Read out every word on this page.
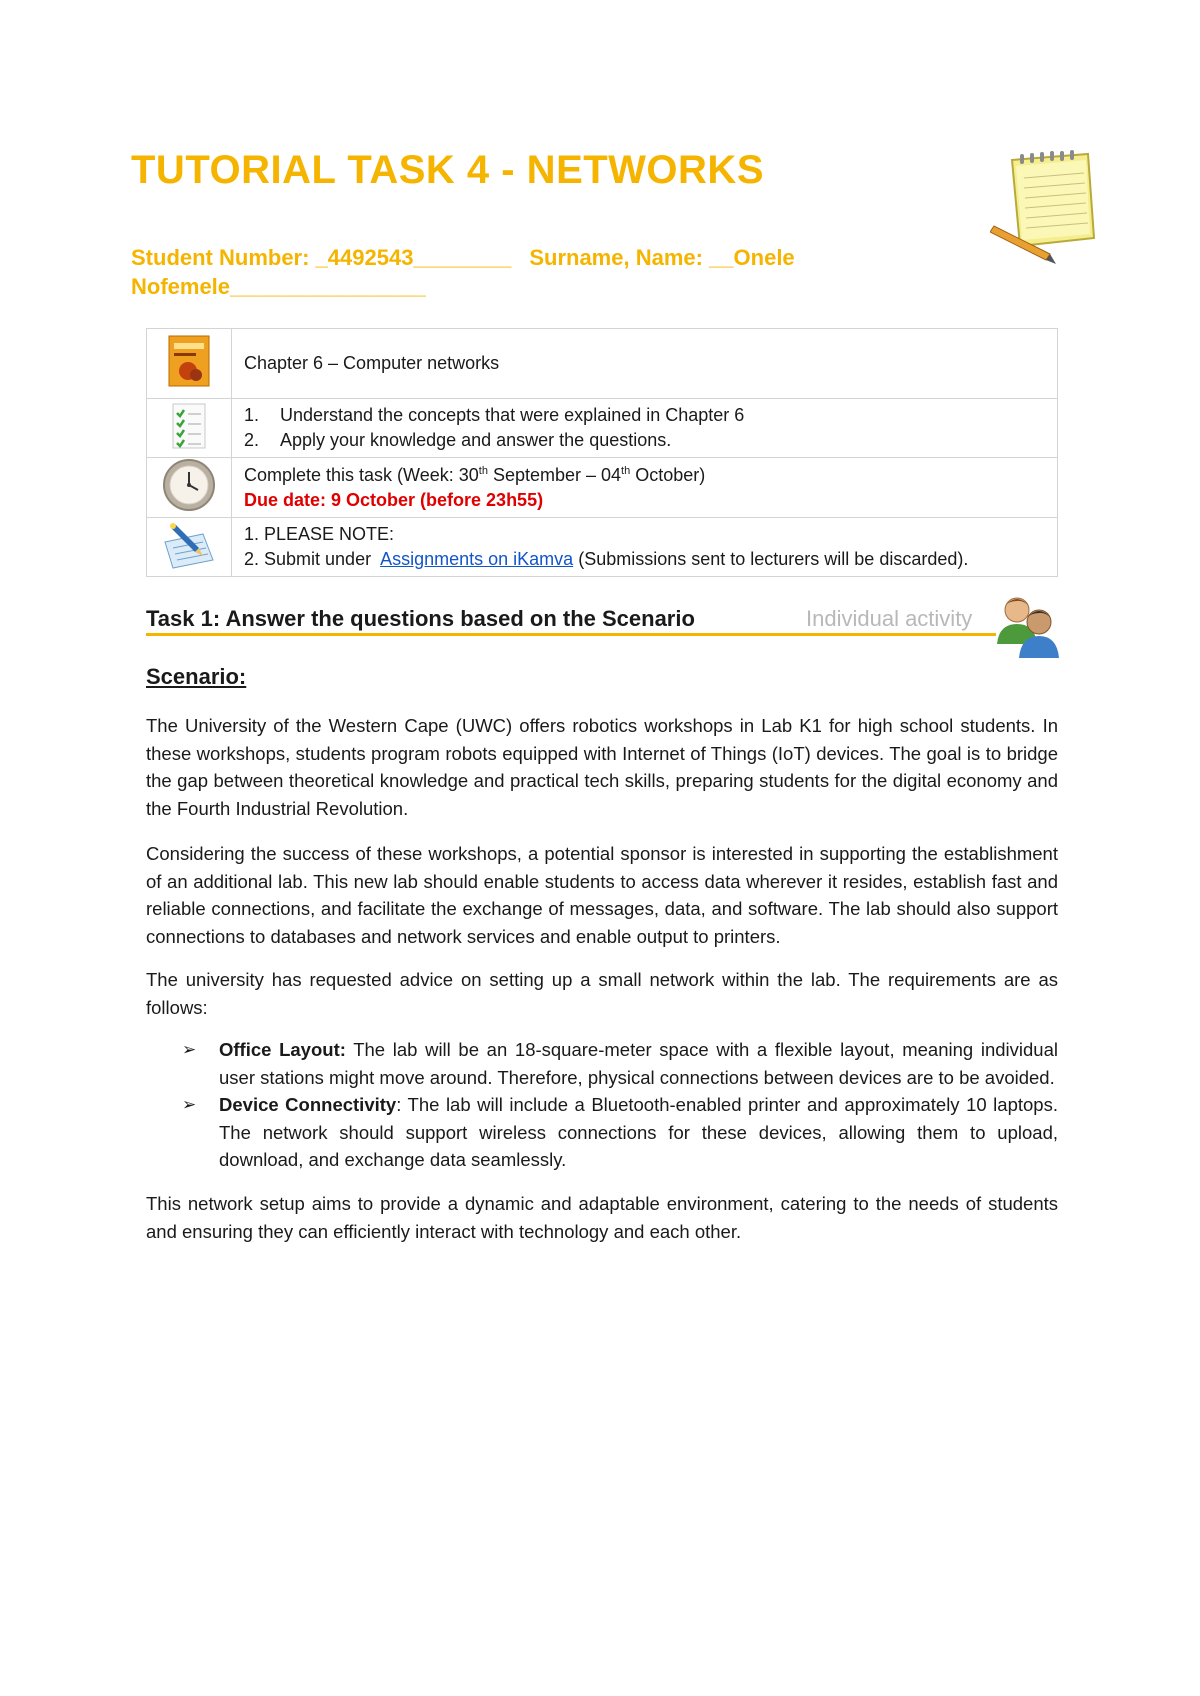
TUTORIAL TASK 4 - NETWORKS
Student Number: _4492543________ Surname, Name: __Onele Nofemele________________
	Chapter 6 – Computer networks

1. Understand the concepts that were explained in Chapter 6
2. Apply your knowledge and answer the questions.

Complete this task (Week: 30th September – 04th October)
Due date: 9 October (before 23h55)

1. PLEASE NOTE:
2. Submit under Assignments on iKamva (Submissions sent to lecturers will be discarded).
Task 1: Answer the questions based on the Scenario	Individual activity
Scenario:

The University of the Western Cape (UWC) offers robotics workshops in Lab K1 for high school students. In these workshops, students program robots equipped with Internet of Things (IoT) devices. The goal is to bridge the gap between theoretical knowledge and practical tech skills, preparing students for the digital economy and the Fourth Industrial Revolution.

Considering the success of these workshops, a potential sponsor is interested in supporting the establishment of an additional lab. This new lab should enable students to access data wherever it resides, establish fast and reliable connections, and facilitate the exchange of messages, data, and software. The lab should also support connections to databases and network services and enable output to printers.

The university has requested advice on setting up a small network within the lab. The requirements are as follows:

➢	Office Layout: The lab will be an 18-square-meter space with a flexible layout, meaning individual user stations might move around. Therefore, physical connections between devices are to be avoided.
➢	Device Connectivity: The lab will include a Bluetooth-enabled printer and approximately 10 laptops. The network should support wireless connections for these devices, allowing them to upload, download, and exchange data seamlessly.

This network setup aims to provide a dynamic and adaptable environment, catering to the needs of students and ensuring they can efficiently interact with technology and each other.
